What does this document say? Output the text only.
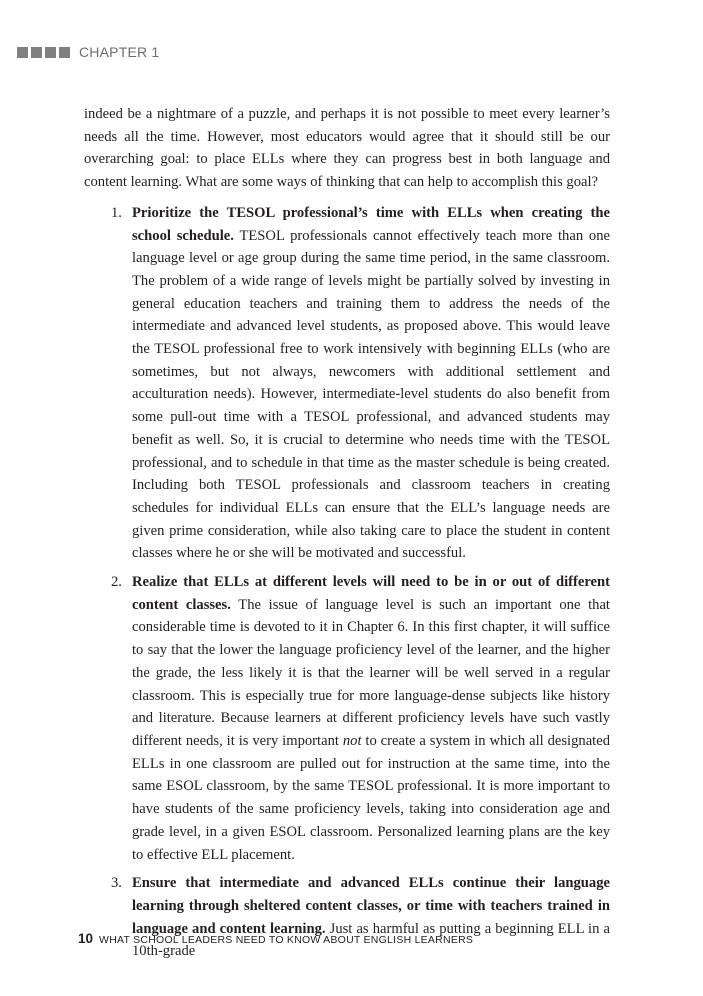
CHAPTER 1

indeed be a nightmare of a puzzle, and perhaps it is not possible to meet every learner’s needs all the time. However, most educators would agree that it should still be our overarching goal: to place ELLs where they can progress best in both language and content learning. What are some ways of thinking that can help to accomplish this goal?

1. Prioritize the TESOL professional’s time with ELLs when creating the school schedule. TESOL professionals cannot effectively teach more than one language level or age group during the same time period, in the same classroom. The problem of a wide range of levels might be partially solved by investing in general education teachers and training them to address the needs of the intermediate and advanced level students, as proposed above. This would leave the TESOL professional free to work intensively with beginning ELLs (who are sometimes, but not always, newcomers with additional settlement and acculturation needs). However, intermediate-level students do also benefit from some pull-out time with a TESOL professional, and advanced students may benefit as well. So, it is crucial to determine who needs time with the TESOL professional, and to schedule in that time as the master schedule is being created. Including both TESOL professionals and classroom teachers in creating schedules for individual ELLs can ensure that the ELL’s language needs are given prime consideration, while also taking care to place the student in content classes where he or she will be motivated and successful.
2. Realize that ELLs at different levels will need to be in or out of different content classes. The issue of language level is such an important one that considerable time is devoted to it in Chapter 6. In this first chapter, it will suffice to say that the lower the language proficiency level of the learner, and the higher the grade, the less likely it is that the learner will be well served in a regular classroom. This is especially true for more language-dense subjects like history and literature. Because learners at different proficiency levels have such vastly different needs, it is very important not to create a system in which all designated ELLs in one classroom are pulled out for instruction at the same time, into the same ESOL classroom, by the same TESOL professional. It is more important to have students of the same proficiency levels, taking into consideration age and grade level, in a given ESOL classroom. Personalized learning plans are the key to effective ELL placement.
3. Ensure that intermediate and advanced ELLs continue their language learning through sheltered content classes, or time with teachers trained in language and content learning. Just as harmful as putting a beginning ELL in a 10th-grade
10 WHAT SCHOOL LEADERS NEED TO KNOW ABOUT ENGLISH LEARNERS
